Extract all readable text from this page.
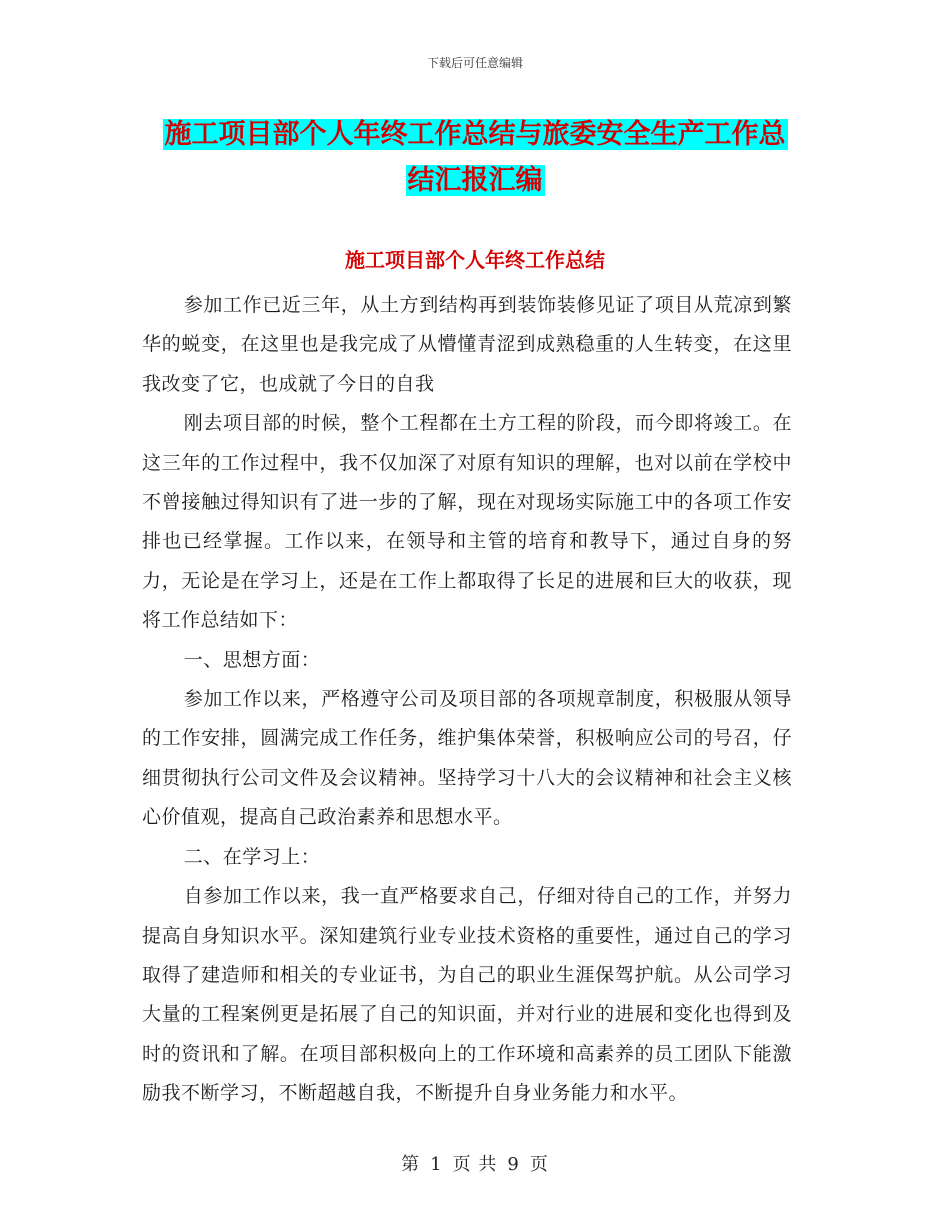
下载后可任意编辑
施工项目部个人年终工作总结与旅委安全生产工作总
结汇报汇编
施工项目部个人年终工作总结

参加工作已近三年，从土方到结构再到装饰装修见证了项目从荒凉到繁华的蜕变，在这里也是我完成了从懵懂青涩到成熟稳重的人生转变，在这里我改变了它，也成就了今日的自我

刚去项目部的时候，整个工程都在土方工程的阶段，而今即将竣工。在这三年的工作过程中，我不仅加深了对原有知识的理解，也对以前在学校中不曾接触过得知识有了进一步的了解，现在对现场实际施工中的各项工作安排也已经掌握。工作以来，在领导和主管的培育和教导下，通过自身的努力，无论是在学习上，还是在工作上都取得了长足的进展和巨大的收获，现将工作总结如下：

一、思想方面：

参加工作以来，严格遵守公司及项目部的各项规章制度，积极服从领导的工作安排，圆满完成工作任务，维护集体荣誉，积极响应公司的号召，仔细贯彻执行公司文件及会议精神。坚持学习十八大的会议精神和社会主义核心价值观，提高自己政治素养和思想水平。

二、在学习上：

自参加工作以来，我一直严格要求自己，仔细对待自己的工作，并努力提高自身知识水平。深知建筑行业专业技术资格的重要性，通过自己的学习取得了建造师和相关的专业证书，为自己的职业生涯保驾护航。从公司学习大量的工程案例更是拓展了自己的知识面，并对行业的进展和变化也得到及时的资讯和了解。在项目部积极向上的工作环境和高素养的员工团队下能激励我不断学习，不断超越自我，不断提升自身业务能力和水平。

第 1 页 共 9 页
